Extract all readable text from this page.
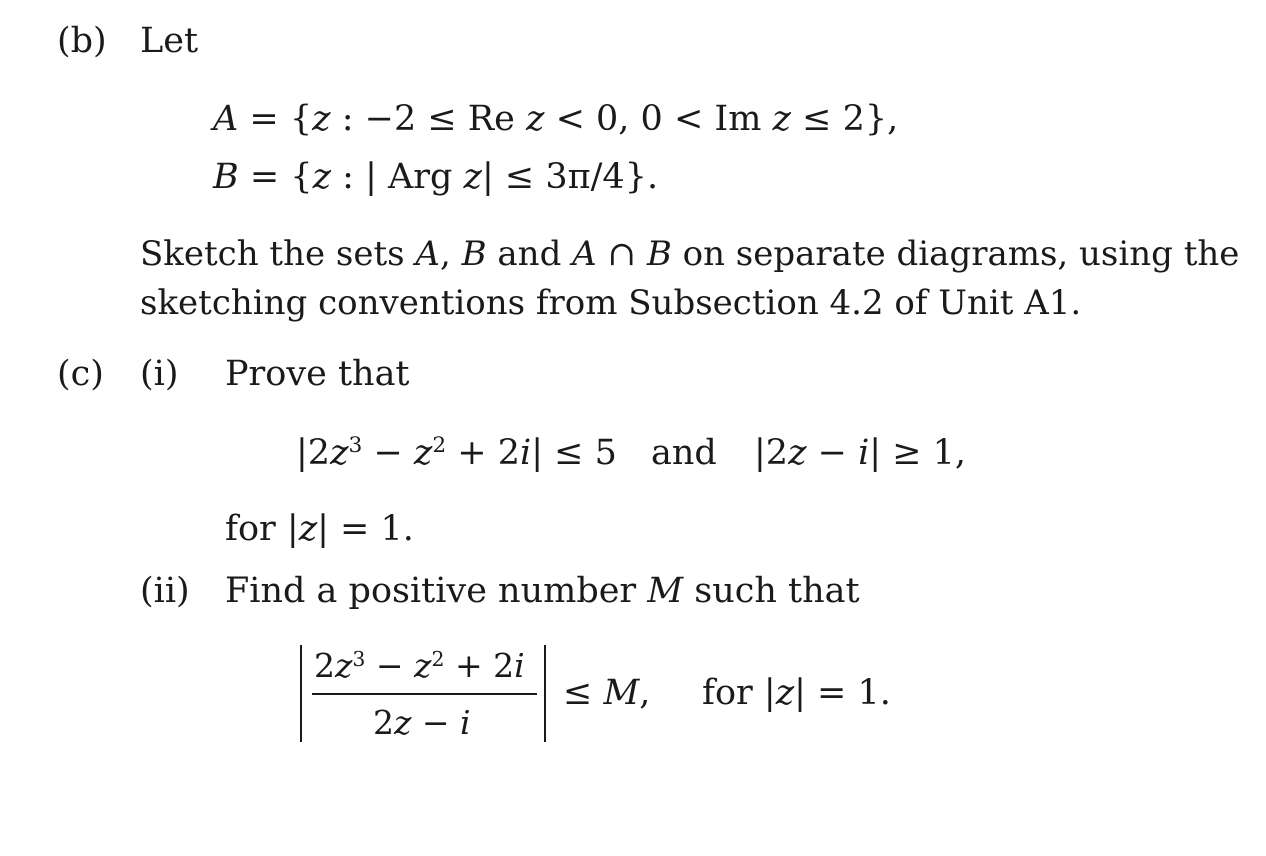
(b) Let
A = {z : −2 ≤ Re z < 0, 0 < Im z ≤ 2},
B = {z : | Arg z| ≤ 3π/4}.
Sketch the sets A, B and A ∩ B on separate diagrams, using the
sketching conventions from Subsection 4.2 of Unit A1.
(c) (i) Prove that
$|2z^3 - z^2 + 2i| \le 5$ and |2z − i| ≥ 1,
for |z| = 1.
(ii) Find a positive number M such that
$2z^3 - z^2 + 2i$
2z − i
≤ M, for |z| = 1.
